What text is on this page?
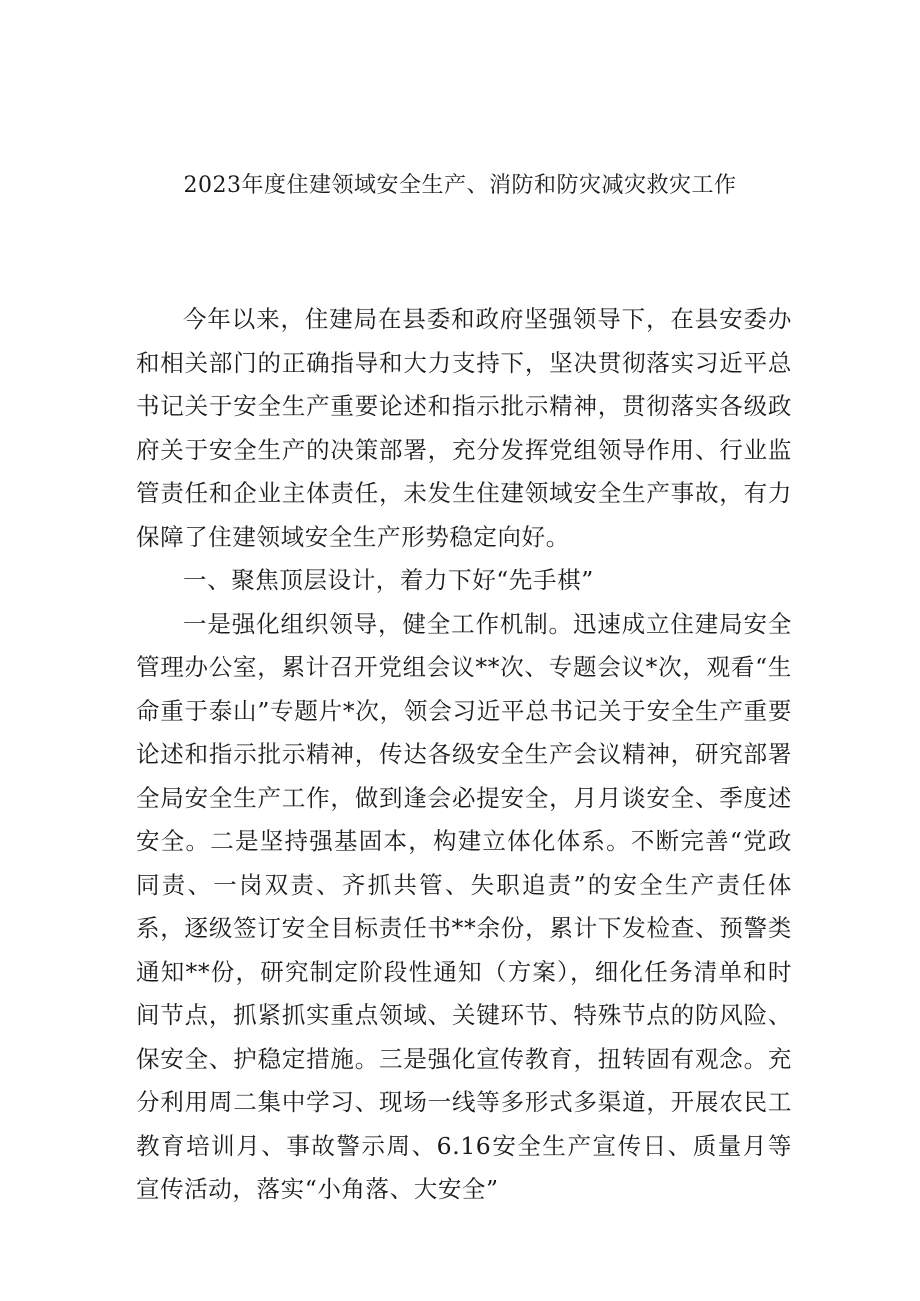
2023年度住建领域安全生产、消防和防灾减灾救灾工作

今年以来，住建局在县委和政府坚强领导下，在县安委办和相关部门的正确指导和大力支持下，坚决贯彻落实习近平总书记关于安全生产重要论述和指示批示精神，贯彻落实各级政府关于安全生产的决策部署，充分发挥党组领导作用、行业监管责任和企业主体责任，未发生住建领域安全生产事故，有力保障了住建领域安全生产形势稳定向好。

一、聚焦顶层设计，着力下好“先手棋”

一是强化组织领导，健全工作机制。迅速成立住建局安全管理办公室，累计召开党组会议**次、专题会议*次，观看“生命重于泰山”专题片*次，领会习近平总书记关于安全生产重要论述和指示批示精神，传达各级安全生产会议精神，研究部署全局安全生产工作，做到逢会必提安全，月月谈安全、季度述安全。二是坚持强基固本，构建立体化体系。不断完善“党政同责、一岗双责、齐抓共管、失职追责”的安全生产责任体系，逐级签订安全目标责任书**余份，累计下发检查、预警类通知**份，研究制定阶段性通知（方案），细化任务清单和时间节点，抓紧抓实重点领域、关键环节、特殊节点的防风险、保安全、护稳定措施。三是强化宣传教育，扭转固有观念。充分利用周二集中学习、现场一线等多形式多渠道，开展农民工教育培训月、事故警示周、6.16安全生产宣传日、质量月等宣传活动，落实“小角落、大安全”
